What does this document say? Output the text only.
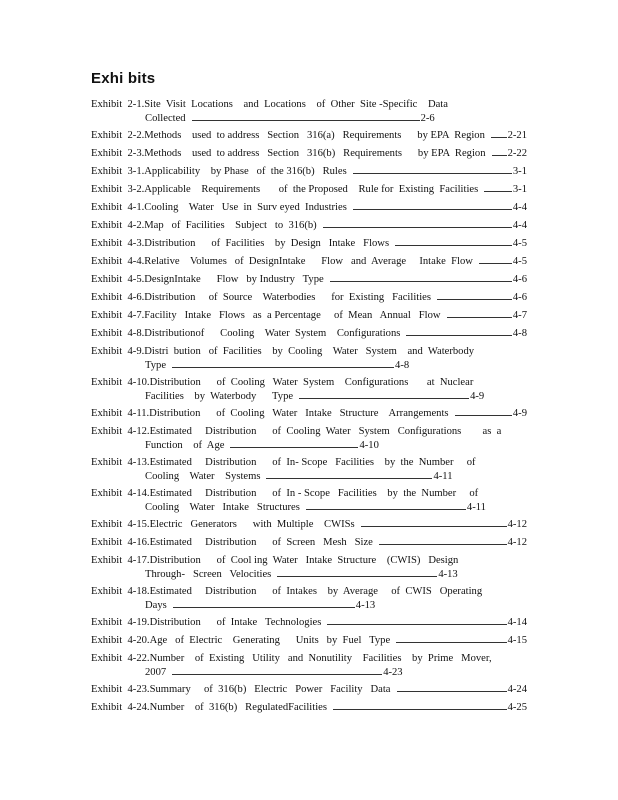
Exhi bits
Exhibit  2-1. Site  Visit  Locations    and  Locations    of  Other  Site -Specific    Data
Collected	2-6
Exhibit  2-2. Methods    used  to address   Section   316(a)   Requirements      by EPA  Region 2-21
Exhibit  2-3. Methods    used  to address   Section   316(b)   Requirements      by EPA  Region 2-22
Exhibit  3-1. Applicability    by Phase   of  the 316(b)   Rules	3-1
Exhibit  3-2. Applicable    Requirements       of  the Proposed    Rule for  Existing  Facilities	3-1
Exhibit  4-1. Cooling    Water   Use  in  Surv eyed  Industries	4-4
Exhibit  4-2. Map   of  Facilities    Subject   to  316(b)	4-4
Exhibit  4-3. Distribution      of  Facilities    by  Design   Intake   Flows	4-5
Exhibit  4-4. Relative    Volumes   of  DesignIntake      Flow   and  Average     Intake  Flow	4-5
Exhibit  4-5. DesignIntake      Flow   by Industry   Type	4-6
Exhibit  4-6. Distribution     of  Source    Waterbodies      for  Existing   Facilities	4-6
Exhibit  4-7. Facility   Intake   Flows   as  a Percentage     of  Mean   Annual   Flow	4-7
Exhibit  4-8. Distributionof      Cooling    Water  System    Configurations	4-8
Exhibit  4-9. Distri  bution   of  Facilities    by  Cooling    Water   System    and  Waterbody
Type	4-8
Exhibit  4-10. Distribution      of  Cooling   Water  System    Configurations       at  Nuclear
Facilities    by  Waterbody      Type	4-9
Exhibit  4-11. Distribution      of  Cooling   Water   Intake   Structure    Arrangements	4-9
Exhibit  4-12. Estimated     Distribution      of  Cooling  Water   System   Configurations        as  a
Function    of  Age	4-10
Exhibit  4-13. Estimated     Distribution      of  In- Scope   Facilities    by  the  Number     of
Cooling    Water    Systems	4-11
Exhibit  4-14. Estimated     Distribution      of  In - Scope   Facilities    by  the  Number     of
Cooling    Water   Intake   Structures	4-11
Exhibit  4-15. Electric   Generators      with  Multiple    CWISs	4-12
Exhibit  4-16. Estimated     Distribution      of  Screen   Mesh   Size	4-12
Exhibit  4-17. Distribution      of  Cool ing  Water   Intake  Structure    (CWIS)   Design
Through-   Screen   Velocities	4-13
Exhibit  4-18. Estimated     Distribution      of  Intakes    by  Average     of  CWIS   Operating
Days	4-13
Exhibit  4-19. Distribution      of  Intake   Technologies	4-14
Exhibit  4-20. Age   of  Electric    Generating      Units   by  Fuel   Type	4-15
Exhibit  4-22. Number    of  Existing   Utility   and  Nonutility    Facilities    by  Prime   Mover,
2007	4-23
Exhibit  4-23. Summary     of  316(b)   Electric   Power   Facility   Data	4-24
Exhibit  4-24. Number    of  316(b)   RegulatedFacilities	4-25
